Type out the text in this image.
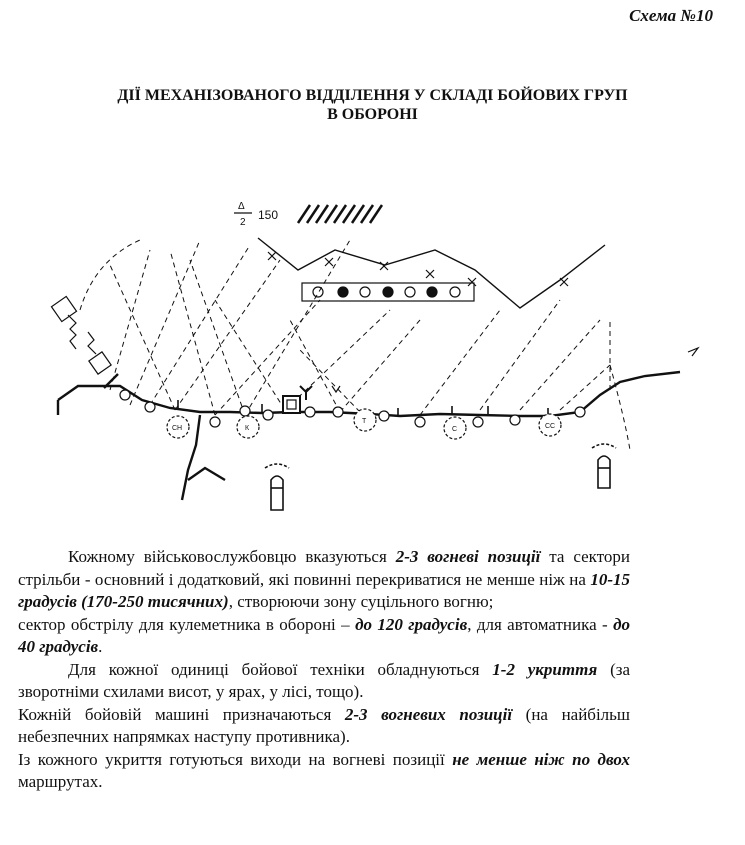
Схема №10
ДІЇ МЕХАНІЗОВАНОГО ВІДДІЛЕННЯ У СКЛАДІ БОЙОВИХ ГРУП
В ОБОРОНІ
Δ
2
150
СН	К
Т
С	СС

Кожному військовослужбовцю вказуються 2-3 вогневі позиції та сектори стрільби - основний і додатковий, які повинні перекриватися не менше ніж на 10-15 градусів (170-250 тисячних), створюючи зону суцільного вогню;

сектор обстрілу для кулеметника в обороні – до 120 градусів, для автоматника - до 40 градусів.

Для кожної одиниці бойової техніки обладнуються 1-2 укриття (за зворотніми схилами висот, у ярах, у лісі, тощо).

Кожній бойовій машині призначаються 2-3 вогневих позиції (на найбільш небезпечних напрямках наступу противника).

Із кожного укриття готуються виходи на вогневі позиції не менше ніж по двох маршрутах.
